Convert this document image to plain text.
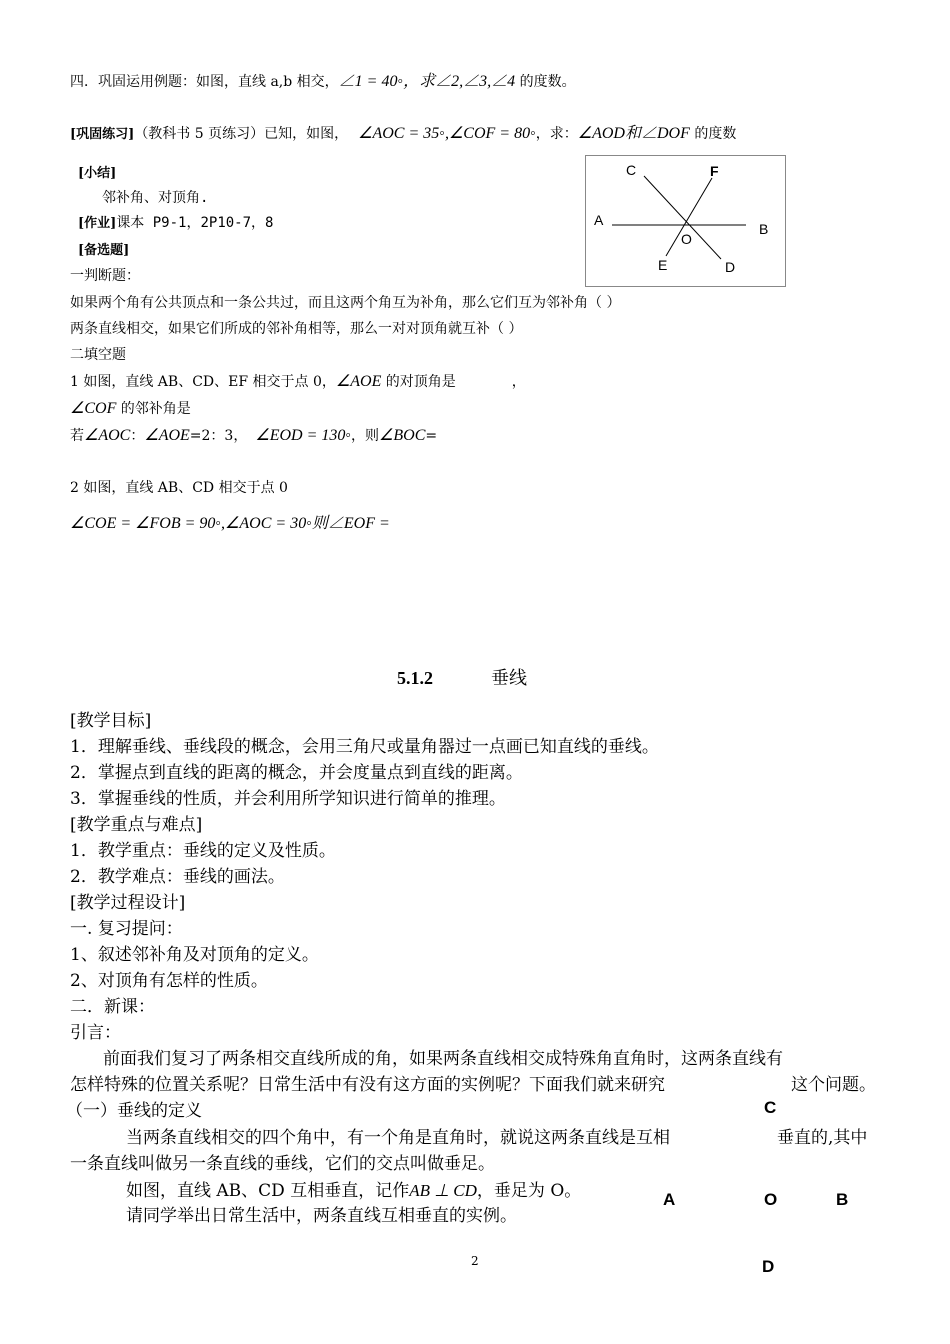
四．巩固运用例题：如图，直线 a,b 相交，∠1 = 40◦，求∠2,∠3,∠4 的度数。
[巩固练习]（教科书 5 页练习）已知，如图， ∠AOC = 35◦,∠COF = 80◦，求：∠AOD和∠DOF 的度数
[小结]
邻补角、对顶角.
[作业]课本 P9-1，2P10-7，8
[备选题]
一判断题：
如果两个角有公共顶点和一条公共过，而且这两个角互为补角，那么它们互为邻补角（ ）
两条直线相交，如果它们所成的邻补角相等，那么一对对顶角就互补（ ）
二填空题
1 如图，直线 AB、CD、EF 相交于点 0，∠AOE 的对顶角是	，
∠COF 的邻补角是
若∠AOC：∠AOE=2：3， ∠EOD = 130◦，则∠BOC=
2 如图，直线 AB、CD 相交于点 0
∠COE = ∠FOB = 90◦,∠AOC = 30◦则∠EOF =
C	F
A
B
O
E	D
5.1.2	垂线
[教学目标]
1．理解垂线、垂线段的概念，会用三角尺或量角器过一点画已知直线的垂线。
2．掌握点到直线的距离的概念，并会度量点到直线的距离。
3．掌握垂线的性质，并会利用所学知识进行简单的推理。
[教学重点与难点]
1．教学重点：垂线的定义及性质。
2．教学难点：垂线的画法。
[教学过程设计]
一. 复习提问：
1、叙述邻补角及对顶角的定义。
2、对顶角有怎样的性质。
二．新课：
引言：
前面我们复习了两条相交直线所成的角，如果两条直线相交成特殊角直角时，这两条直线有
怎样特殊的位置关系呢？日常生活中有没有这方面的实例呢？下面我们就来研究	这个问题。
（一）垂线的定义
当两条直线相交的四个角中，有一个角是直角时，就说这两条直线是互相	垂直的,其中
一条直线叫做另一条直线的垂线，它们的交点叫做垂足。
如图，直线 AB、CD 互相垂直，记作AB ⊥ CD，垂足为 O。
请同学举出日常生活中，两条直线互相垂直的实例。
C
A	O	B
D
2
